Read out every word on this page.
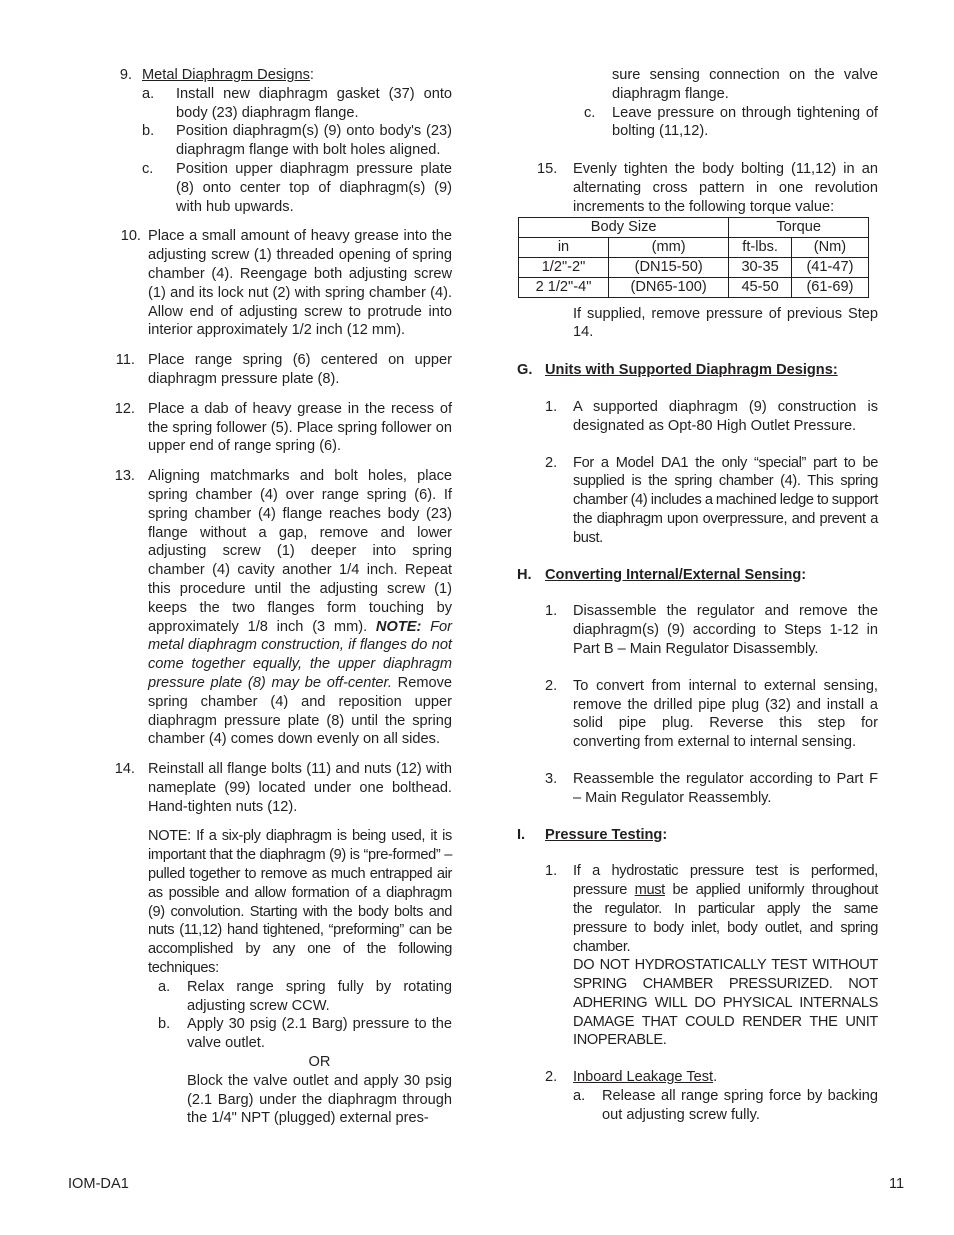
9. Metal Diaphragm Designs:
a. Install new diaphragm gasket (37) onto body (23) diaphragm flange.
b. Position diaphragm(s) (9) onto body's (23) diaphragm flange with bolt holes aligned.
c. Position upper diaphragm pressure plate (8) onto center top of diaphragm(s) (9) with hub upwards.
10. Place a small amount of heavy grease into the adjusting screw (1) threaded opening of spring chamber (4). Reengage both adjusting screw (1) and its lock nut (2) with spring chamber (4). Allow end of adjusting screw to protrude into interior approximately 1/2 inch (12 mm).
11. Place range spring (6) centered on upper diaphragm pressure plate (8).
12. Place a dab of heavy grease in the recess of the spring follower (5). Place spring follower on upper end of range spring (6).
13. Aligning matchmarks and bolt holes, place spring chamber (4) over range spring (6). If spring chamber (4) flange reaches body (23) flange without a gap, remove and lower adjusting screw (1) deeper into spring chamber (4) cavity another 1/4 inch. Repeat this procedure until the adjusting screw (1) keeps the two flanges form touching by approximately 1/8 inch (3 mm). NOTE: For metal diaphragm construction, if flanges do not come together equally, the upper diaphragm pressure plate (8) may be off-center. Remove spring chamber (4) and reposition upper diaphragm pressure plate (8) until the spring chamber (4) comes down evenly on all sides.
14. Reinstall all flange bolts (11) and nuts (12) with nameplate (99) located under one bolthead. Hand-tighten nuts (12).
NOTE: If a six-ply diaphragm is being used, it is important that the diaphragm (9) is “pre-formed” – pulled together to remove as much entrapped air as possible and allow formation of a diaphragm (9) convolution. Starting with the body bolts and nuts (11,12) hand tightened, “preforming” can be accomplished by any one of the following techniques:
a. Relax range spring fully by rotating adjusting screw CCW.
b. Apply 30 psig (2.1 Barg) pressure to the valve outlet.
OR
Block the valve outlet and apply 30 psig (2.1 Barg) under the diaphragm through the 1/4" NPT (plugged) external pres-
sure sensing connection on the valve diaphragm flange.
c. Leave pressure on through tightening of bolting (11,12).
15. Evenly tighten the body bolting (11,12) in an alternating cross pattern in one revolution increments to the following torque value:
Body Size		Torque	
in	(mm)	ft-lbs.	(Nm)
1/2"-2"	(DN15-50)	30-35	(41-47)
2 1/2"-4"	(DN65-100)	45-50	(61-69)
If supplied, remove pressure of previous Step 14.
G. Units with Supported Diaphragm Designs:
1. A supported diaphragm (9) construction is designated as Opt-80 High Outlet Pressure.
2. For a Model DA1 the only “special” part to be supplied is the spring chamber (4). This spring chamber (4) includes a machined ledge to support the diaphragm upon overpressure, and prevent a bust.
H. Converting Internal/External Sensing:
1. Disassemble the regulator and remove the diaphragm(s) (9) according to Steps 1-12 in Part B – Main Regulator Disassembly.
2. To convert from internal to external sensing, remove the drilled pipe plug (32) and install a solid pipe plug. Reverse this step for converting from external to internal sensing.
3. Reassemble the regulator according to Part F – Main Regulator Reassembly.
I. Pressure Testing:
1. If a hydrostatic pressure test is performed, pressure must be applied uniformly throughout the regulator. In particular apply the same pressure to body inlet, body outlet, and spring chamber.
DO NOT HYDROSTATICALLY TEST WITHOUT SPRING CHAMBER PRESSURIZED. NOT ADHERING WILL DO PHYSICAL INTERNALS DAMAGE THAT COULD RENDER THE UNIT INOPERABLE.
2. Inboard Leakage Test.
a. Release all range spring force by backing out adjusting screw fully.
IOM-DA1	11
